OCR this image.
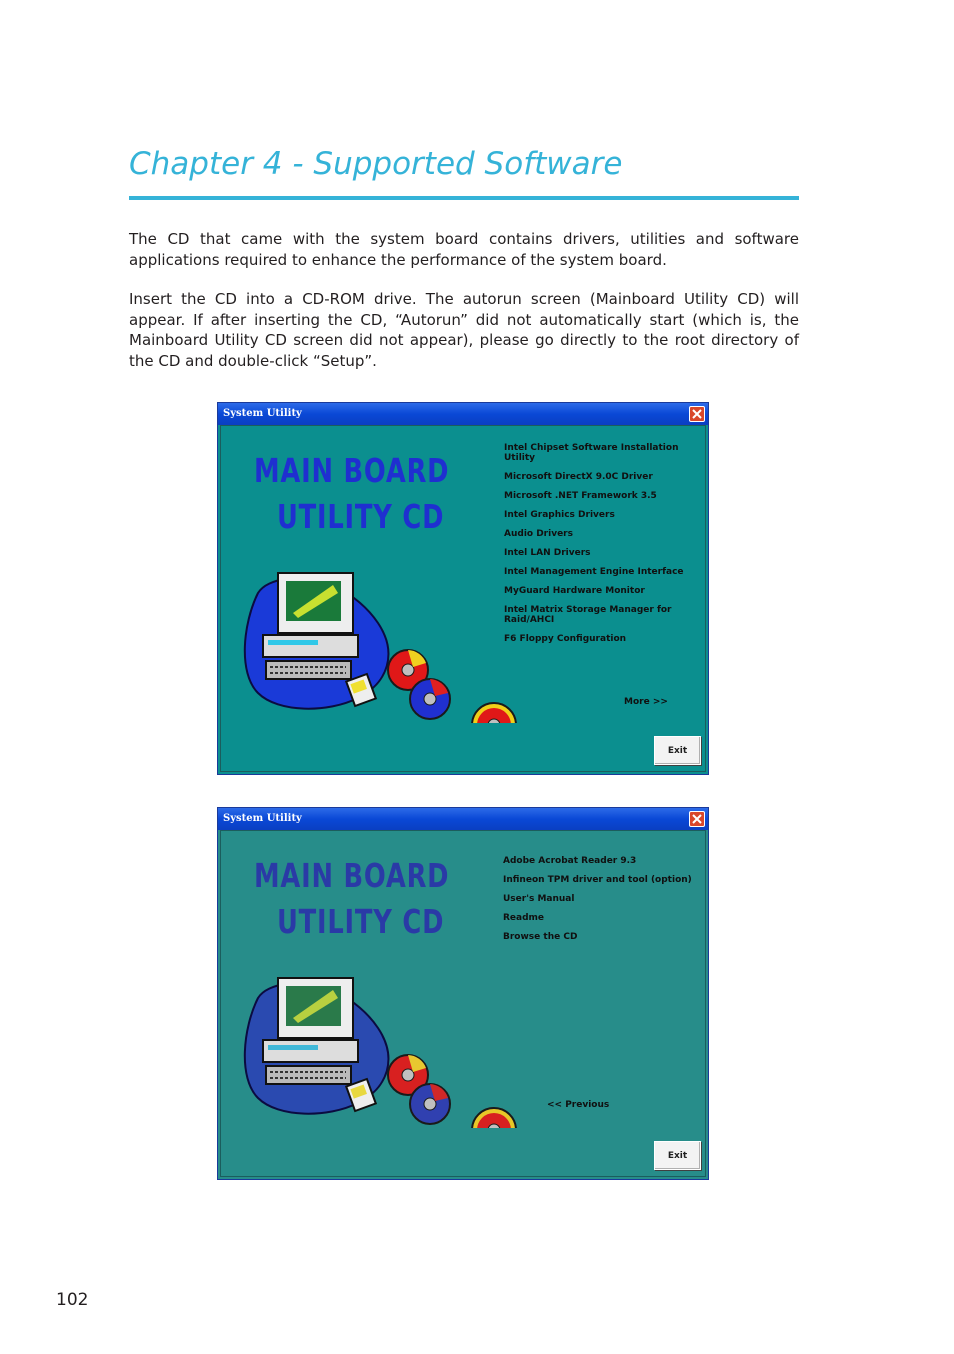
Chapter 4 - Supported Software

The CD that came with the system board contains drivers, utilities and software applications required to enhance the performance of the system board.

Insert the CD into a CD-ROM drive. The autorun screen (Mainboard Utility CD) will appear. If after inserting the CD, “Autorun” did not automatically start (which is, the Mainboard Utility CD screen did not appear), please go directly to the root directory of the CD and double-click “Setup”.

System Utility
MAIN BOARD
UTILITY CD
Intel Chipset Software Installation Utility
Microsoft DirectX 9.0C Driver
Microsoft .NET Framework 3.5
Intel Graphics Drivers
Audio Drivers
Intel LAN Drivers
Intel Management Engine Interface
MyGuard Hardware Monitor
Intel Matrix Storage Manager for Raid/AHCI
F6 Floppy Configuration
More >>
Exit
System Utility
MAIN BOARD
UTILITY CD
Adobe Acrobat Reader 9.3
Infineon TPM driver and tool (option)
User's Manual
Readme
Browse the CD
<< Previous
Exit
102
